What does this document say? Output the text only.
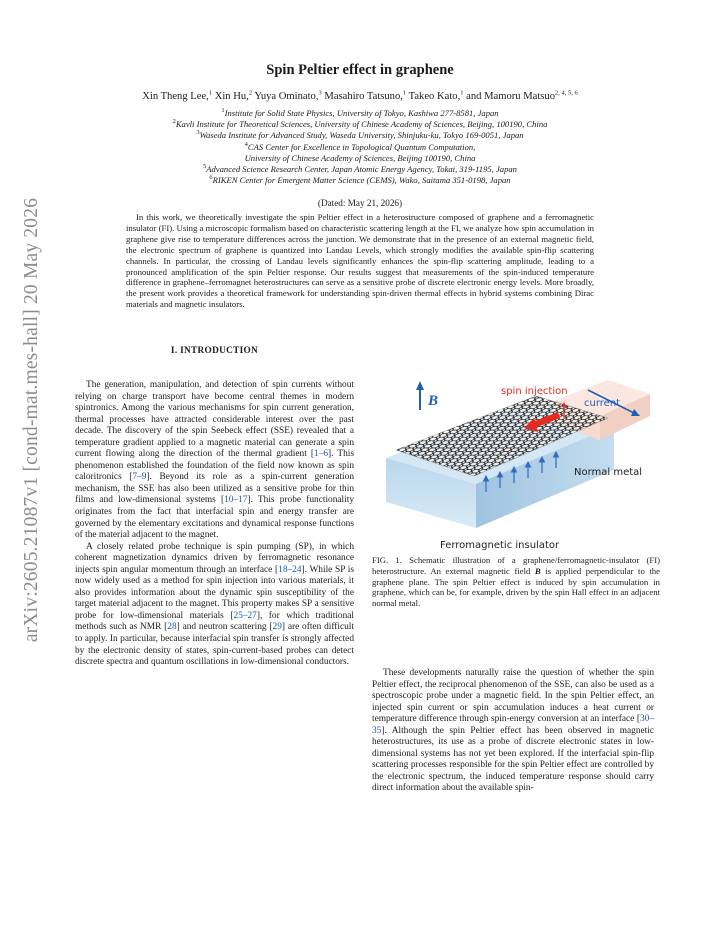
arXiv:2605.21087v1 [cond-mat.mes-hall] 20 May 2026
Spin Peltier effect in graphene
Xin Theng Lee,$^1$ Xin Hu,$^2$ Yuya Ominato,$^3$ Masahiro Tatsuno,$^1$ Takeo Kato,$^1$ and Mamoru Matsuo$^{2, 4, 5, 6}$
$^1$Institute for Solid State Physics, University of Tokyo, Kashiwa 277-8581, Japan
$^2$Kavli Institute for Theoretical Sciences, University of Chinese Academy of Sciences, Beijing, 100190, China
$^3$Waseda Institute for Advanced Study, Waseda University, Shinjuku-ku, Tokyo 169-0051, Japan
$^4$CAS Center for Excellence in Topological Quantum Computation,
University of Chinese Academy of Sciences, Beijing 100190, China
$^5$Advanced Science Research Center, Japan Atomic Energy Agency, Tokai, 319-1195, Japan
$^6$RIKEN Center for Emergent Matter Science (CEMS), Wako, Saitama 351-0198, Japan
(Dated: May 21, 2026)
In this work, we theoretically investigate the spin Peltier effect in a heterostructure composed of graphene and a ferromagnetic insulator (FI). Using a microscopic formalism based on characteristic scattering length at the FI, we analyze how spin accumulation in graphene give rise to temperature differences across the junction. We demonstrate that in the presence of an external magnetic field, the electronic spectrum of graphene is quantized into Landau Levels, which strongly modifies the available spin-flip scattering channels. In particular, the crossing of Landau levels significantly enhances the spin-flip scattering amplitude, leading to a pronounced amplification of the spin Peltier response. Our results suggest that measurements of the spin-induced temperature difference in graphene–ferromagnet heterostructures can serve as a sensitive probe of discrete electronic energy levels. More broadly, the present work provides a theoretical framework for understanding spin-driven thermal effects in hybrid systems combining Dirac materials and magnetic insulators.
I. INTRODUCTION

The generation, manipulation, and detection of spin currents without relying on charge transport have become central themes in modern spintronics. Among the various mechanisms for spin current generation, thermal processes have attracted considerable interest over the past decade. The discovery of the spin Seebeck effect (SSE) revealed that a temperature gradient applied to a magnetic material can generate a spin current flowing along the direction of the thermal gradient [1–6]. This phenomenon established the foundation of the field now known as spin caloritronics [7–9]. Beyond its role as a spin-current generation mechanism, the SSE has also been utilized as a sensitive probe for thin films and low-dimensional systems [10–17]. This probe functionality originates from the fact that interfacial spin and energy transfer are governed by the elementary excitations and dynamical response functions of the material adjacent to the magnet.

A closely related probe technique is spin pumping (SP), in which coherent magnetization dynamics driven by ferromagnetic resonance injects spin angular momentum through an interface [18–24]. While SP is now widely used as a method for spin injection into various materials, it also provides information about the dynamic spin susceptibility of the target material adjacent to the magnet. This property makes SP a sensitive probe for low-dimensional materials [25–27], for which traditional methods such as NMR [28] and neutron scattering [29] are often difficult to apply. In particular, because interfacial spin transfer is strongly affected by the electronic density of states, spin-current-based probes can detect discrete spectra and quantum oscillations in low-dimensional conductors.

B
spin injection
current
Normal metal
Ferromagnetic insulator
FIG. 1. Schematic illustration of a graphene/ferromagnetic-insulator (FI) heterostructure. An external magnetic field B is applied perpendicular to the graphene plane. The spin Peltier effect is induced by spin accumulation in graphene, which can be, for example, driven by the spin Hall effect in an adjacent normal metal.

These developments naturally raise the question of whether the spin Peltier effect, the reciprocal phenomenon of the SSE, can also be used as a spectroscopic probe under a magnetic field. In the spin Peltier effect, an injected spin current or spin accumulation induces a heat current or temperature difference through spin-energy conversion at an interface [30–35]. Although the spin Peltier effect has been observed in magnetic heterostructures, its use as a probe of discrete electronic states in low-dimensional systems has not yet been explored. If the interfacial spin-flip scattering processes responsible for the spin Peltier effect are controlled by the electronic spectrum, the induced temperature response should carry direct information about the available spin-
